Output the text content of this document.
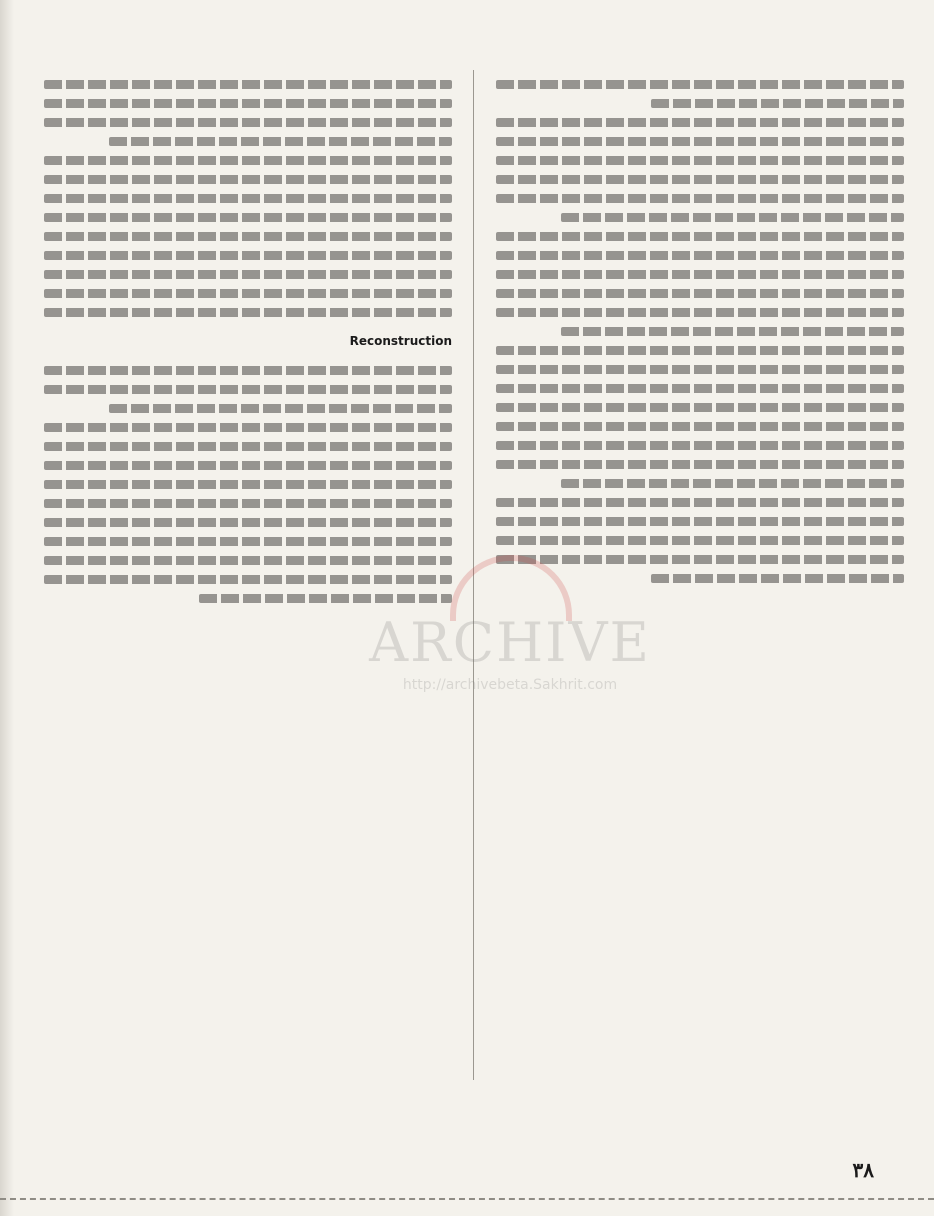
Reconstruction
ARCHIVE
http://archivebeta.Sakhrit.com
٣٨
